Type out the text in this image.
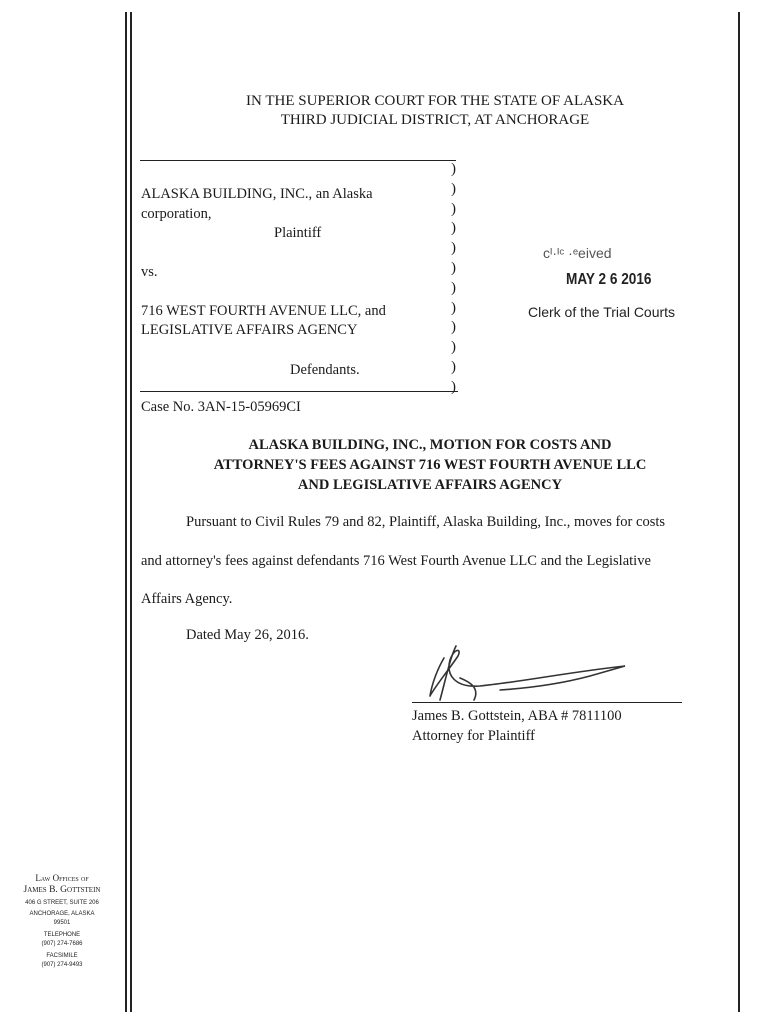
IN THE SUPERIOR COURT FOR THE STATE OF ALASKA
THIRD JUDICIAL DISTRICT, AT ANCHORAGE
ALASKA BUILDING, INC., an Alaska
corporation,
Plaintiff
vs.
716 WEST FOURTH AVENUE LLC, and
LEGISLATIVE AFFAIRS AGENCY
Defendants.
)
)
)
)
)
)
)
)
)
)
)
)
Case No. 3AN-15-05969CI
ᴄᴵ·ᴵᶜ ·ᵉeived
MAY 2 6 2016
Clerk of the Trial Courts
ALASKA BUILDING, INC., MOTION FOR COSTS AND
ATTORNEY'S FEES AGAINST 716 WEST FOURTH AVENUE LLC
AND LEGISLATIVE AFFAIRS AGENCY
Pursuant to Civil Rules 79 and 82, Plaintiff, Alaska Building, Inc., moves for costs
and attorney's fees against defendants 716 West Fourth Avenue LLC and the Legislative
Affairs Agency.
Dated May 26, 2016.
James B. Gottstein, ABA # 7811100
Attorney for Plaintiff
Law Offices of
James B. Gottstein
406 G STREET, SUITE 206
ANCHORAGE, ALASKA
99501
TELEPHONE
(907) 274-7686
FACSIMILE
(907) 274-9493
